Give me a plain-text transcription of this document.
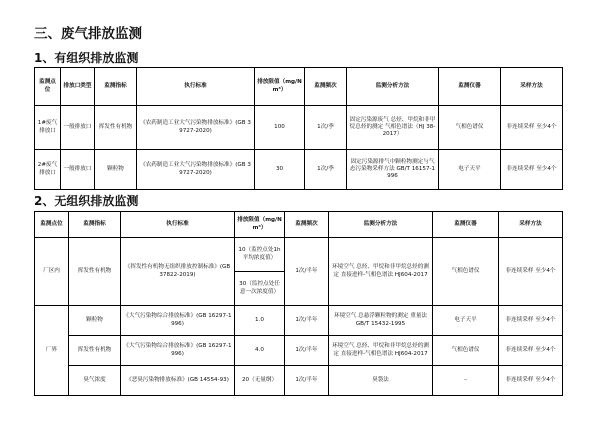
三、废气排放监测
1、有组织排放监测
监测点位	排放口类型	监测指标	执行标准	排放限值（mg/Nm³）	监测频次	监测分析方法	监测仪器	采样方法
1#废气排放口	一般排放口	挥发性有机物	《农药制造工业大气污染物排放标准》(GB 39727-2020)	100	1次/季	固定污染源废气 总烃、甲烷和非甲烷总烃的测定 气相色谱法（HJ 38-2017）	气相色谱仪	非连续采样 至少4个
2#废气排放口	一般排放口	颗粒物	《农药制造工业大气污染物排放标准》(GB 39727-2020)	30	1次/季	固定污染源排气中颗粒物测定与气态污染物采样方法 GB/T 16157-1996	电子天平	非连续采样 至少4个
2、无组织排放监测
监测点位	监测指标	执行标准	排放限值（mg/Nm³）	监测频次	监测分析方法	监测仪器	采样方法
厂区内	挥发性有机物	《挥发性有机物无组织排放控制标准》(GB 37822-2019)	10（监控点处1h平均浓度值）	1次/半年	环境空气 总烃、甲烷和非甲烷总烃的测定 直接进样-气相色谱法 HJ604-2017	气相色谱仪	非连续采样 至少4个
			30（监控点处任意一次浓度值）				
厂界	颗粒物	《大气污染物综合排放标准》(GB 16297-1996)	1.0	1次/半年	环境空气 总悬浮颗粒物的测定 重量法 GB/T 15432-1995	电子天平	非连续采样 至少4个
	挥发性有机物	《大气污染物综合排放标准》(GB 16297-1996)	4.0	1次/半年	环境空气 总烃、甲烷和非甲烷总烃的测定 直接进样-气相色谱法 HJ604-2017	气相色谱仪	非连续采样 至少4个
	臭气浓度	《恶臭污染物排放标准》(GB 14554-93)	20（无量纲）	1次/半年	臭袋法	–	非连续采样 至少4个
